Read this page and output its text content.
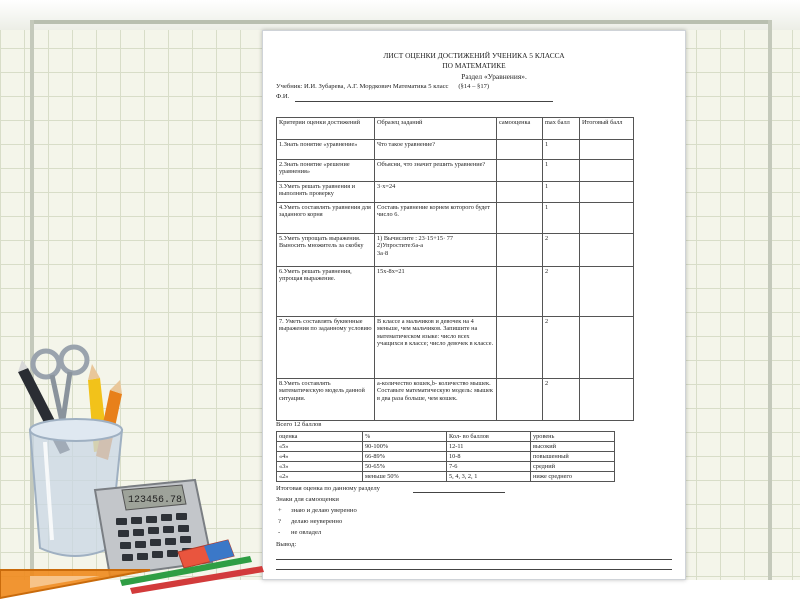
ЛИСТ ОЦЕНКИ ДОСТИЖЕНИЙ УЧЕНИКА 5 КЛАССА
ПО МАТЕМАТИКЕ
Раздел «Уравнения».
Учебник: И.И. Зубарева, А.Г. Мордкович Математика 5 класс      (§14 – §17)
Ф.И.
Критерии оценки достижений	Образец заданий	самооценка	max балл	Итоговый балл
1.Знать понятие «уравнение»	Что такое уравнение?		1	
2.Знать понятие «решение уравнения»	Объясни, что значит решить уравнение?		1	
3.Уметь решать уравнения и выполнять проверку	3·х=24		1	
4.Уметь составлять уравнения для заданного корня	Составь уравнение корнем которого будет число 6.		1	
5.Уметь упрощать выражения. Выносить множитель за скобку	1) Вычислите : 23·15+15· 77
2)Упростите:6а-а
3а·8		2	
6.Уметь решать уравнения, упрощая выражение.	15х-8х=21		2	
7. Уметь составлять буквенные выражения по заданному условию	В классе а мальчиков и девочек на 4 меньше, чем мальчиков. Запишите на математическом языке: число всех учащихся в классе; число девочек в классе.		2	
8.Уметь составлять математическую модель данной ситуации.	а-количество кошек,b- количество мышек. Составьте математическую модель: мышек в два раза больше, чем кошек.		2	
Всего 12 баллов
оценка	%	Кол- во баллов	уровень
«5»	90-100%	12-11	высокий
«4»	66-89%	10-8	повышенный
«3»	50-65%	7-6	средний
«2»	меньше 50%	5, 4, 3, 2, 1	ниже среднего
Итоговая оценка по данному разделу
Знаки для самооценки
+	знаю и делаю уверенно
?	делаю неуверенно
-	не овладел
Вывод:
123456.78
